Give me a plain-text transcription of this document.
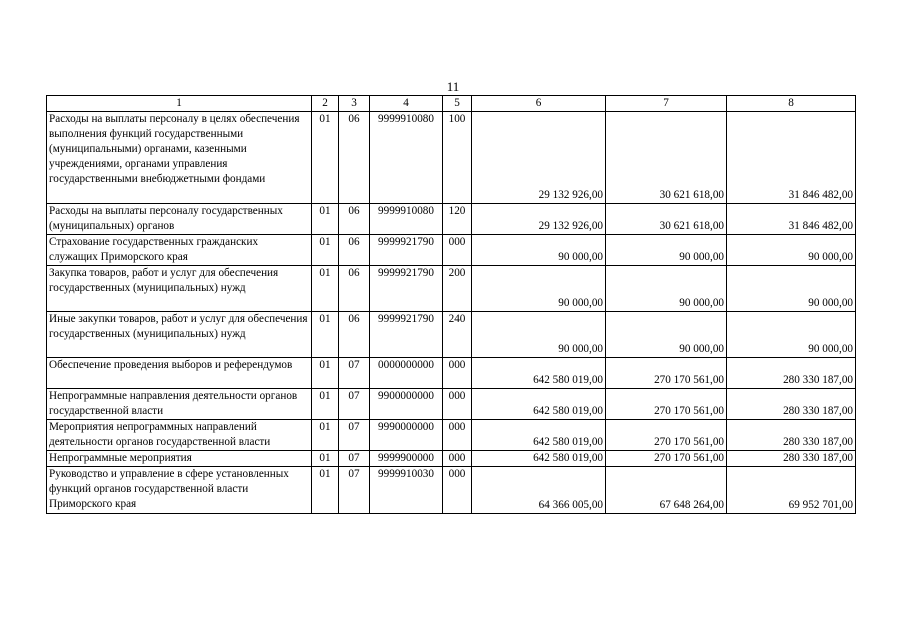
11
1	2	3	4	5	6	7	8
Расходы на выплаты персоналу в целях обеспечения выполнения функций государственными (муниципальными) органами, казенными учреждениями, органами управления государственными внебюджетными фондами	01	06	9999910080	100	29 132 926,00	30 621 618,00	31 846 482,00
Расходы на выплаты персоналу государственных (муниципальных) органов	01	06	9999910080	120	29 132 926,00	30 621 618,00	31 846 482,00
Страхование государственных гражданских служащих Приморского края	01	06	9999921790	000	90 000,00	90 000,00	90 000,00
Закупка товаров, работ и услуг для обеспечения государственных (муниципальных) нужд	01	06	9999921790	200	90 000,00	90 000,00	90 000,00
Иные закупки товаров, работ и услуг для обеспечения государственных (муниципальных) нужд	01	06	9999921790	240	90 000,00	90 000,00	90 000,00
Обеспечение проведения выборов и референдумов	01	07	0000000000	000	642 580 019,00	270 170 561,00	280 330 187,00
Непрограммные направления деятельности органов государственной власти	01	07	9900000000	000	642 580 019,00	270 170 561,00	280 330 187,00
Мероприятия непрограммных направлений деятельности органов государственной власти	01	07	9990000000	000	642 580 019,00	270 170 561,00	280 330 187,00
Непрограммные мероприятия	01	07	9999900000	000	642 580 019,00	270 170 561,00	280 330 187,00
Руководство и управление в сфере установленных функций органов государственной власти Приморского края	01	07	9999910030	000	64 366 005,00	67 648 264,00	69 952 701,00
